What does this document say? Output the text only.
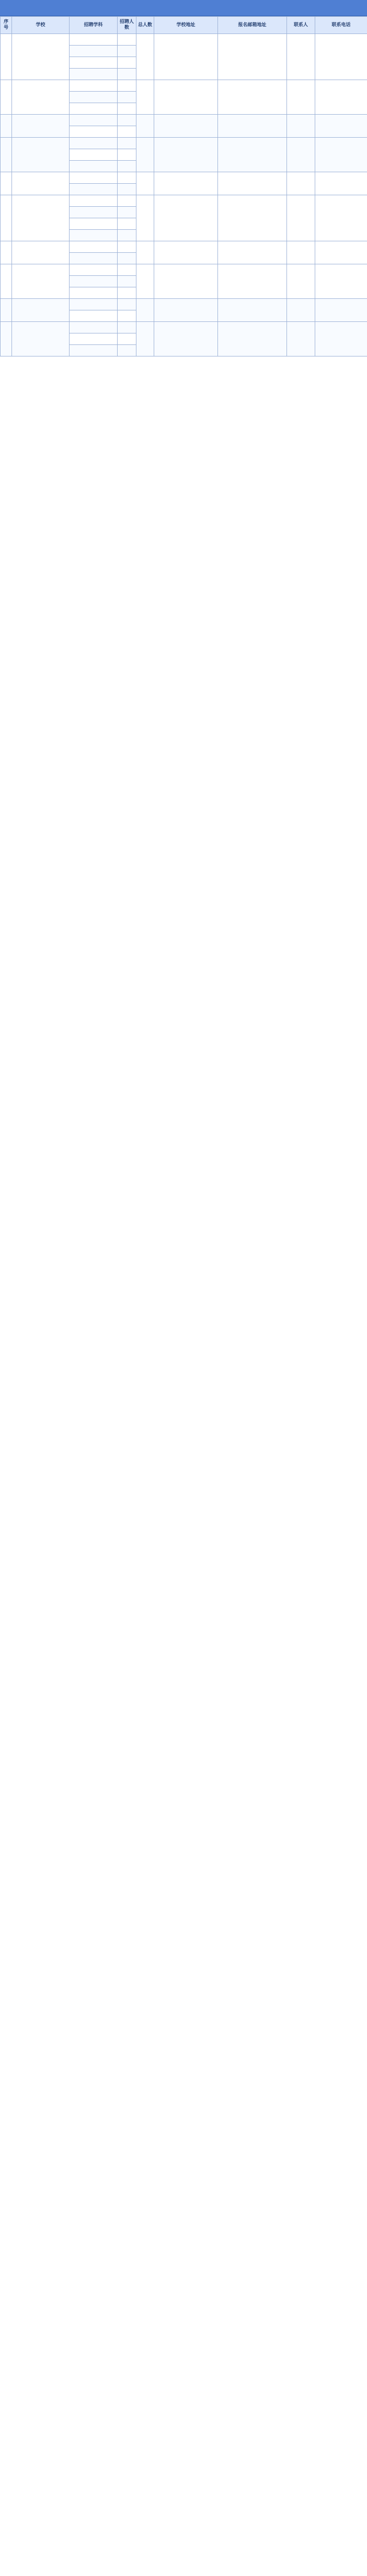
序号	学校	招聘学科	招聘人数	总人数	学校地址	报名邮箱地址	联系人	联系电话
